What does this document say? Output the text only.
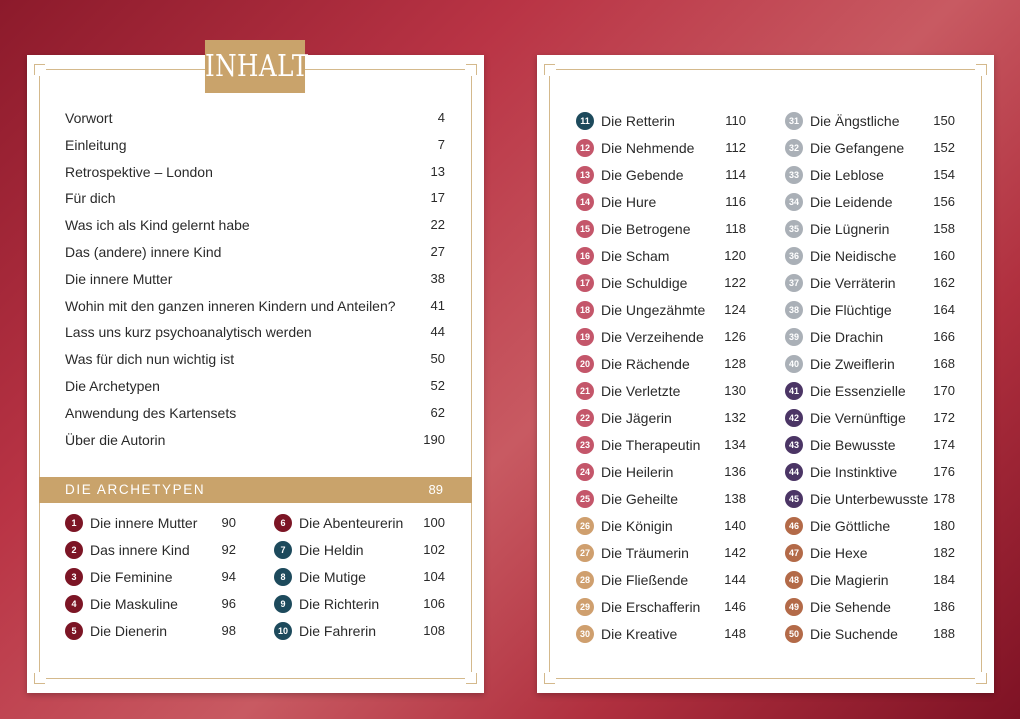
INHALT
Vorwort	4
Einleitung	7
Retrospektive – London	13
Für dich	17
Was ich als Kind gelernt habe	22
Das (andere) innere Kind	27
Die innere Mutter	38
Wohin mit den ganzen inneren Kindern und Anteilen?	41
Lass uns kurz psychoanalytisch werden	44
Was für dich nun wichtig ist	50
Die Archetypen	52
Anwendung des Kartensets	62
Über die Autorin	190
DIE ARCHETYPEN	89
1 Die innere Mutter 90
2 Das innere Kind 92
3 Die Feminine	94
4 Die Maskuline	96
5 Die Dienerin	98
6 Die Abenteurerin 100
7 Die Heldin	102
8 Die Mutige	104
9 Die Richterin	106
10 Die Fahrerin	108
11 Die Retterin	110
12 Die Nehmende 112
13 Die Gebende	114
14 Die Hure	116
15 Die Betrogene	118
16 Die Scham	120
17 Die Schuldige	122
18 Die Ungezähmte 124
19 Die Verzeihende 126
20 Die Rächende	128
21 Die Verletzte	130
22 Die Jägerin	132
23 Die Therapeutin 134
24 Die Heilerin	136
25 Die Geheilte	138
26 Die Königin	140
27 Die Träumerin	142
28 Die Fließende	144
29 Die Erschafferin 146
30 Die Kreative	148
31 Die Ängstliche	150
32 Die Gefangene 152
33 Die Leblose	154
34 Die Leidende	156
35 Die Lügnerin	158
36 Die Neidische	160
37 Die Verräterin	162
38 Die Flüchtige	164
39 Die Drachin	166
40 Die Zweiflerin	168
41 Die Essenzielle 170
42 Die Vernünftige 172
43 Die Bewusste	174
44 Die Instinktive	176
45 Die Unterbewusste 178
46 Die Göttliche	180
47 Die Hexe	182
48 Die Magierin	184
49 Die Sehende	186
50 Die Suchende	188
